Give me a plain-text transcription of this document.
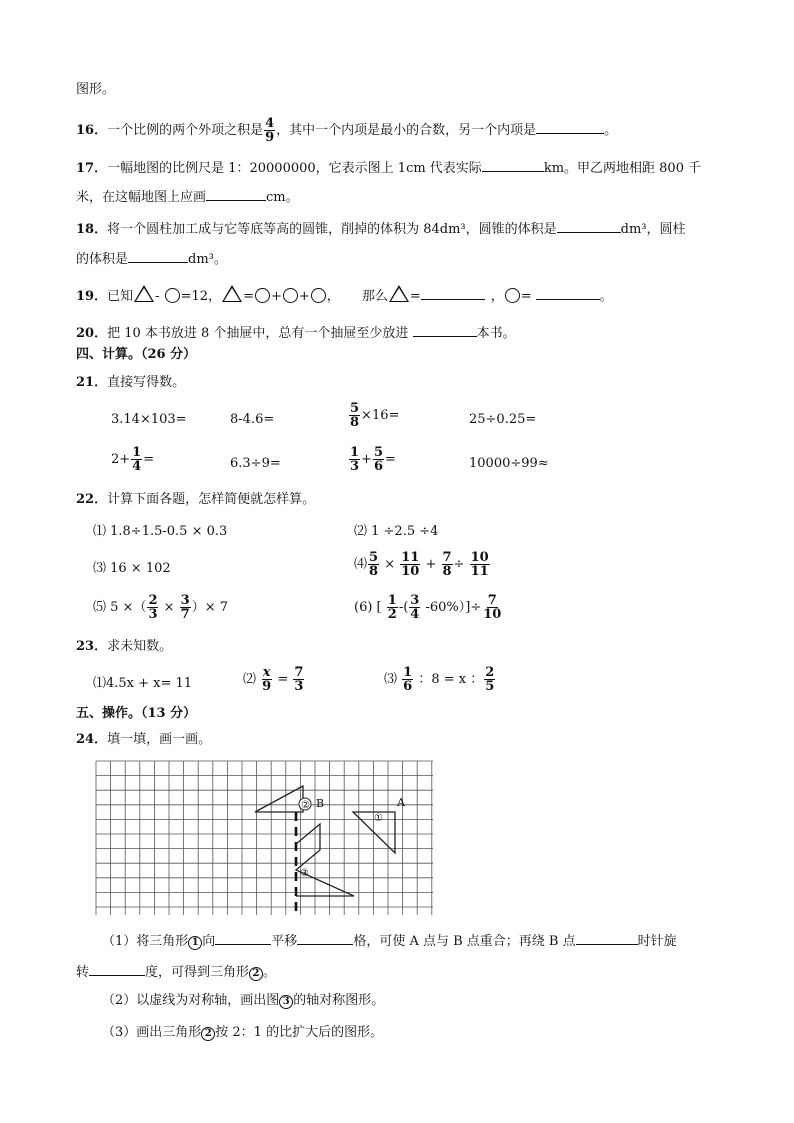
图形。
16．一个比例的两个外项之积是 $\frac{4}{9}$ ，其中一个内项是最小的合数，另一个内项是	。
17．一幅地图的比例尺是 1：20000000，它表示图上 1cm 代表实际	km。甲乙两地相距 800 千
米，在这幅地图上应画	cm。
18．将一个圆柱加工成与它等底等高的圆锥，削掉的体积为 84dm³，圆锥的体积是	dm³，圆柱
的体积是	dm³。
19．已知 - =12， = + + ， 那么 =	， =	。
20．把 10 本书放进 8 个抽屉中，总有一个抽屉至少放进	本书。
四、计算。（26 分）
21．直接写得数。
3.14×103=	8-4.6=	$\frac{5}{8} \times 16=$	25÷0.25=
$2+ \frac{1}{4}$ =	6.3÷9=	$\frac{1}{3} + \frac{5}{6}$ =	10000÷99≈
22．计算下面各题，怎样简便就怎样算。
⑴ 1.8÷1.5-0.5 × 0.3	⑵ 1 ÷2.5 ÷4
⑶ 16 × 102	⑷ $\frac{5}{8} \times \frac{11}{10} + \frac{7}{8} \div \frac{10}{11}$
⑸ 5 ×（ $\frac{2}{3} \times \frac{3}{7}$ ）× 7	(6) [ $\frac{1}{2}$ -( $\frac{3}{4} -60\%)]\div \frac{7}{10}$
23．求未知数。
⑴4.5x + x= 11	⑵ $\frac{x}{9} = \frac{7}{3}$	⑶ $\frac{1}{6}$ ：8 = x ： $\frac{2}{5}$
五、操作。（13 分）
24．填一填，画一画。
② B	A
①
③
（1）将三角形 1 向	平移	格，可使 A 点与 B 点重合；再绕 B 点	时针旋
转	度，可得到三角形 2 。
（2）以虚线为对称轴，画出图 3 的轴对称图形。
（3）画出三角形 2 按 2：1 的比扩大后的图形。
